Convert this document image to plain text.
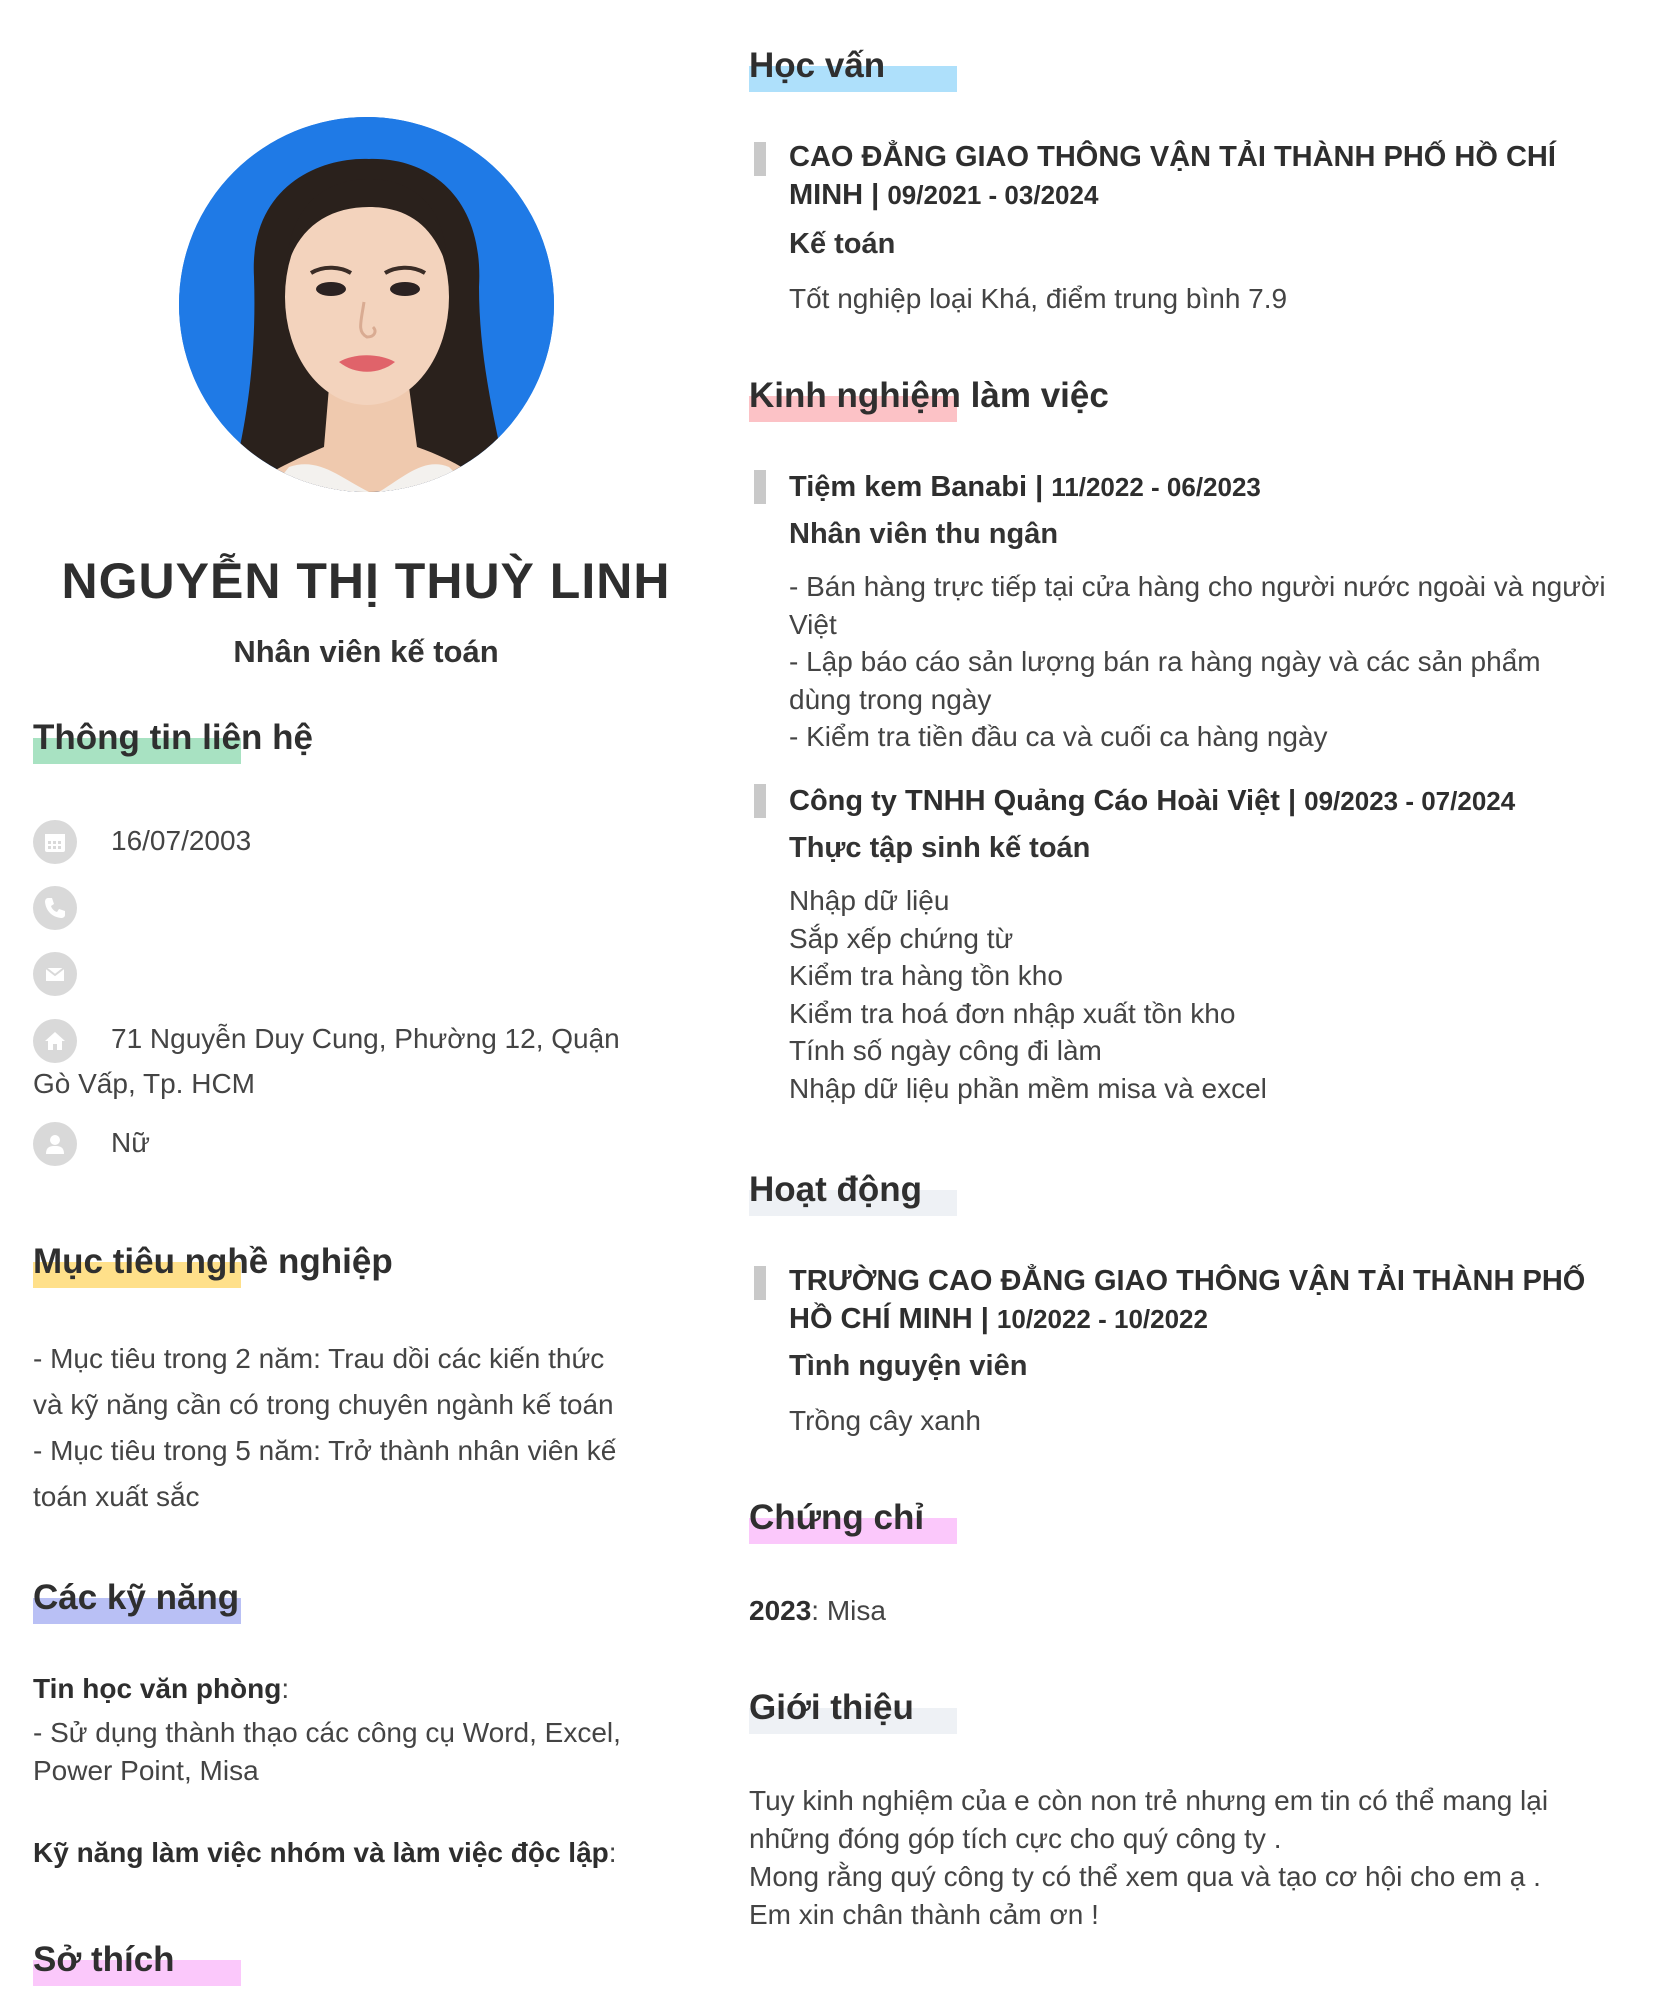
NGUYỄN THỊ THUỲ LINH
Nhân viên kế toán
Thông tin liên hệ
16/07/2003
71 Nguyễn Duy Cung, Phường 12, Quận Gò Vấp, Tp. HCM
Nữ
Mục tiêu nghề nghiệp
- Mục tiêu trong 2 năm: Trau dồi các kiến thức
và kỹ năng cần có trong chuyên ngành kế toán
- Mục tiêu trong 5 năm: Trở thành nhân viên kế
toán xuất sắc
Các kỹ năng
Tin học văn phòng:
- Sử dụng thành thạo các công cụ Word, Excel,
Power Point, Misa
Kỹ năng làm việc nhóm và làm việc độc lập:
Sở thích
Học vấn
CAO ĐẲNG GIAO THÔNG VẬN TẢI THÀNH PHỐ HỒ CHÍ
MINH | 09/2021 - 03/2024
Kế toán
Tốt nghiệp loại Khá, điểm trung bình 7.9
Kinh nghiệm làm việc
Tiệm kem Banabi | 11/2022 - 06/2023
Nhân viên thu ngân
- Bán hàng trực tiếp tại cửa hàng cho người nước ngoài và người
Việt
- Lập báo cáo sản lượng bán ra hàng ngày và các sản phẩm
dùng trong ngày
- Kiểm tra tiền đầu ca và cuối ca hàng ngày
Công ty TNHH Quảng Cáo Hoài Việt | 09/2023 - 07/2024
Thực tập sinh kế toán
Nhập dữ liệu
Sắp xếp chứng từ
Kiểm tra hàng tồn kho
Kiểm tra hoá đơn nhập xuất tồn kho
Tính số ngày công đi làm
Nhập dữ liệu phần mềm misa và excel
Hoạt động
TRƯỜNG CAO ĐẲNG GIAO THÔNG VẬN TẢI THÀNH PHỐ
HỒ CHÍ MINH | 10/2022 - 10/2022
Tình nguyện viên
Trồng cây xanh
Chứng chỉ
2023: Misa
Giới thiệu
Tuy kinh nghiệm của e còn non trẻ nhưng em tin có thể mang lại
những đóng góp tích cực cho quý công ty .
Mong rằng quý công ty có thể xem qua và tạo cơ hội cho em ạ .
Em xin chân thành cảm ơn !
